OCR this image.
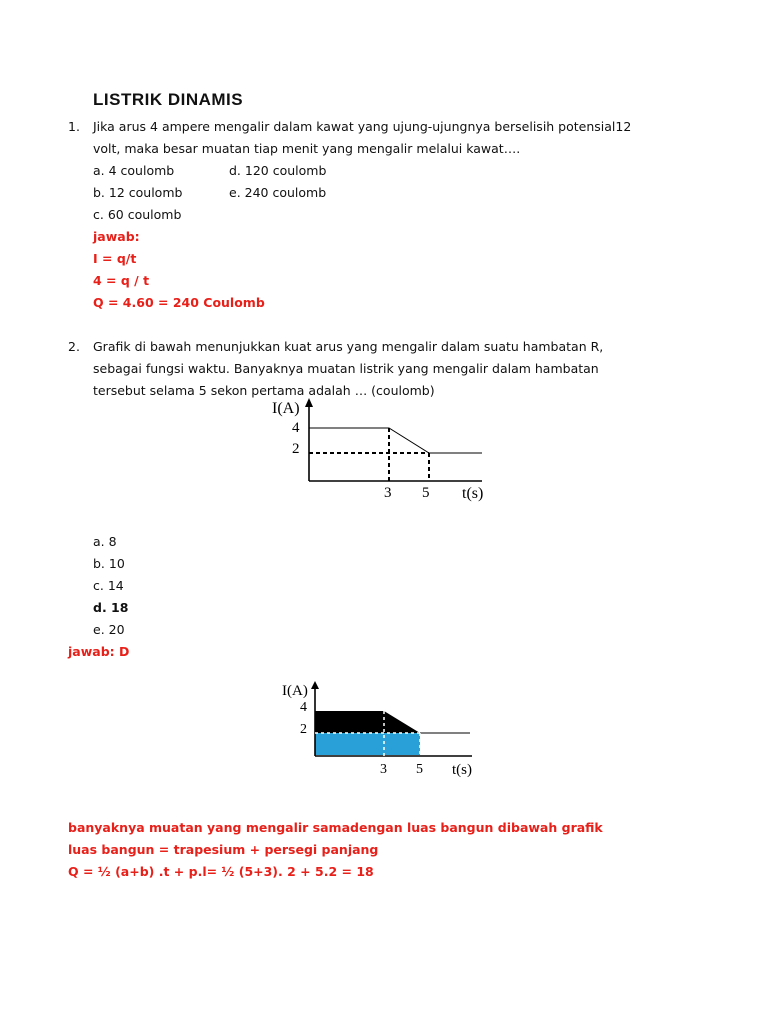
LISTRIK DINAMIS
1. Jika arus 4 ampere mengalir dalam kawat yang ujung-ujungnya berselisih potensial12
volt, maka besar muatan tiap menit yang mengalir melalui kawat….
a. 4 coulomb	d. 120 coulomb
b. 12 coulomb	e. 240 coulomb
c. 60 coulomb
jawab:
I = q/t
4 = q / t
Q = 4.60 = 240 Coulomb
2. Grafik di bawah menunjukkan kuat arus yang mengalir dalam suatu hambatan R,
sebagai fungsi waktu. Banyaknya muatan listrik yang mengalir dalam hambatan
tersebut selama 5 sekon pertama adalah … (coulomb)
I(A)
4
2
3 5 t(s)
a. 8
b. 10
c. 14
d. 18
e. 20
jawab: D
I(A)
4
2
3 5 t(s)
banyaknya muatan yang mengalir samadengan luas bangun dibawah grafik
luas bangun = trapesium + persegi panjang
Q = ½ (a+b) .t + p.l= ½ (5+3). 2 + 5.2 = 18
